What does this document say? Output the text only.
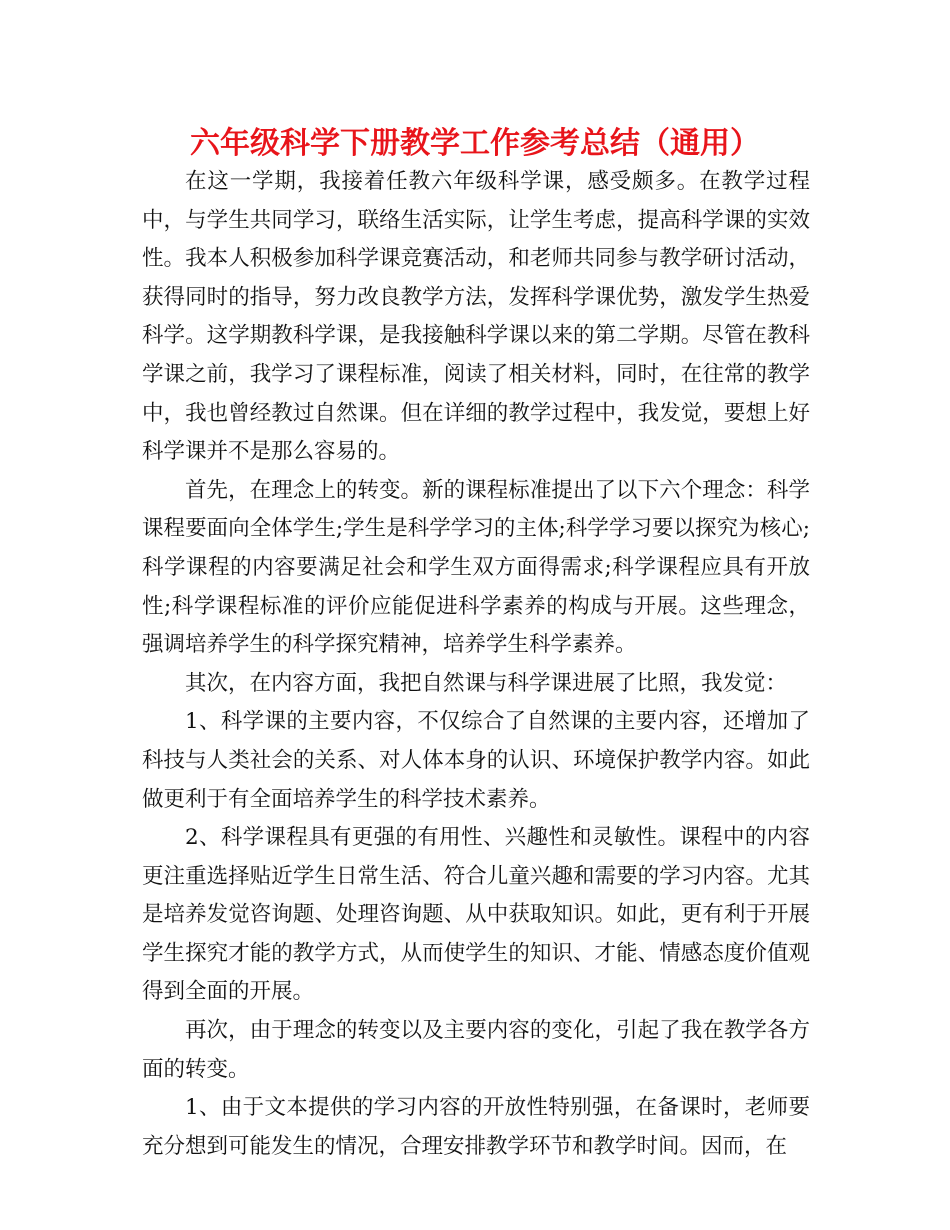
六年级科学下册教学工作参考总结（通用）

在这一学期，我接着任教六年级科学课，感受颇多。在教学过程中，与学生共同学习，联络生活实际，让学生考虑，提高科学课的实效性。我本人积极参加科学课竞赛活动，和老师共同参与教学研讨活动，获得同时的指导，努力改良教学方法，发挥科学课优势，激发学生热爱科学。这学期教科学课，是我接触科学课以来的第二学期。尽管在教科学课之前，我学习了课程标准，阅读了相关材料，同时，在往常的教学中，我也曾经教过自然课。但在详细的教学过程中，我发觉，要想上好科学课并不是那么容易的。

首先，在理念上的转变。新的课程标准提出了以下六个理念：科学课程要面向全体学生;学生是科学学习的主体;科学学习要以探究为核心;科学课程的内容要满足社会和学生双方面得需求;科学课程应具有开放性;科学课程标准的评价应能促进科学素养的构成与开展。这些理念，强调培养学生的科学探究精神，培养学生科学素养。

其次，在内容方面，我把自然课与科学课进展了比照，我发觉：

1、科学课的主要内容，不仅综合了自然课的主要内容，还增加了科技与人类社会的关系、对人体本身的认识、环境保护教学内容。如此做更利于有全面培养学生的科学技术素养。

2、科学课程具有更强的有用性、兴趣性和灵敏性。课程中的内容更注重选择贴近学生日常生活、符合儿童兴趣和需要的学习内容。尤其是培养发觉咨询题、处理咨询题、从中获取知识。如此，更有利于开展学生探究才能的教学方式，从而使学生的知识、才能、情感态度价值观得到全面的开展。

再次，由于理念的转变以及主要内容的变化，引起了我在教学各方面的转变。

1、由于文本提供的学习内容的开放性特别强，在备课时，老师要充分想到可能发生的情况，合理安排教学环节和教学时间。因而，在
